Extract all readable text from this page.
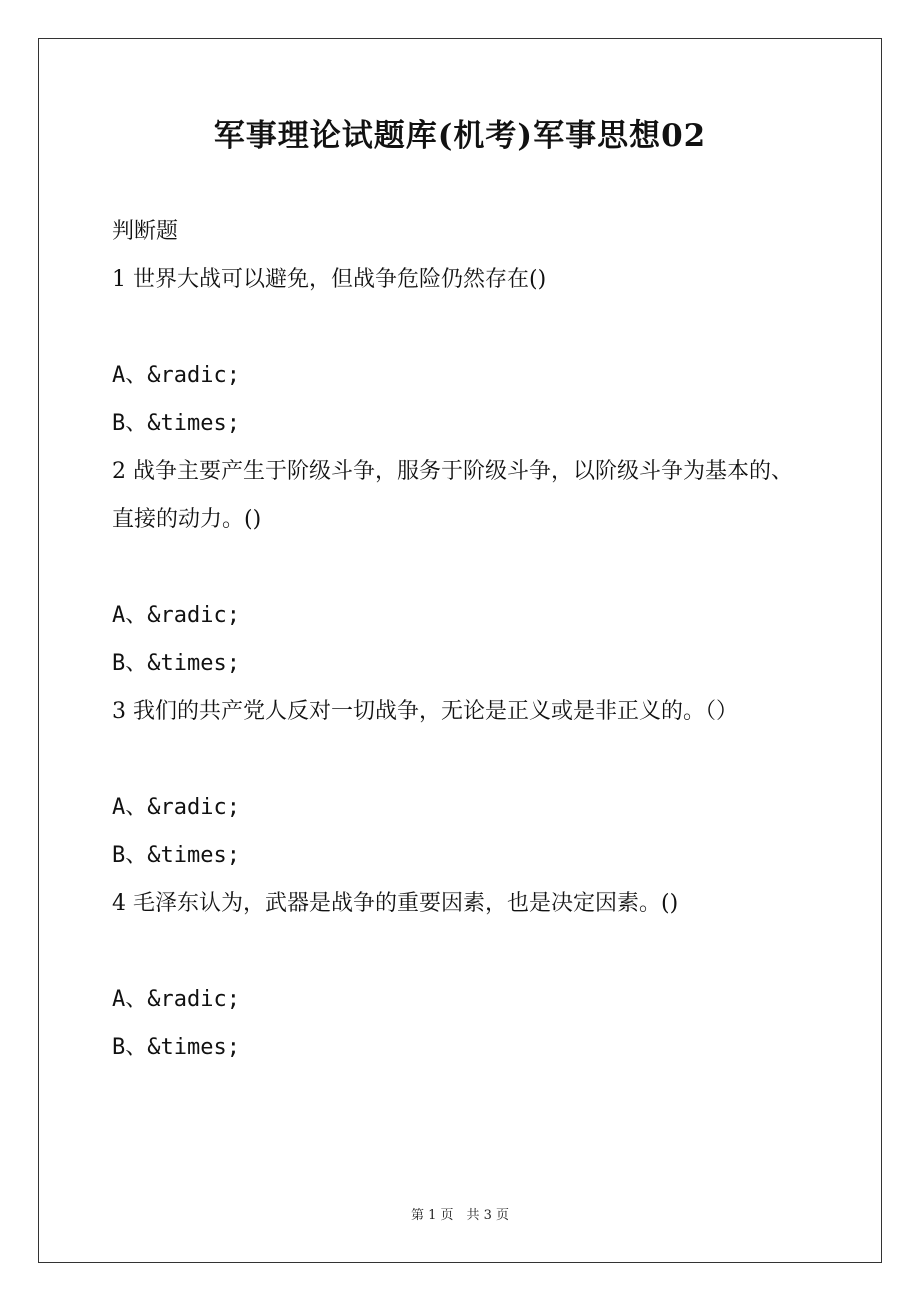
军事理论试题库(机考)军事思想02
判断题
1 世界大战可以避免，但战争危险仍然存在()
A、&radic;
B、&times;
2 战争主要产生于阶级斗争，服务于阶级斗争，以阶级斗争为基本的、直接的动力。()
A、&radic;
B、&times;
3 我们的共产党人反对一切战争，无论是正义或是非正义的。（）
A、&radic;
B、&times;
4 毛泽东认为，武器是战争的重要因素，也是决定因素。()
A、&radic;
B、&times;
第 1 页　共 3 页
